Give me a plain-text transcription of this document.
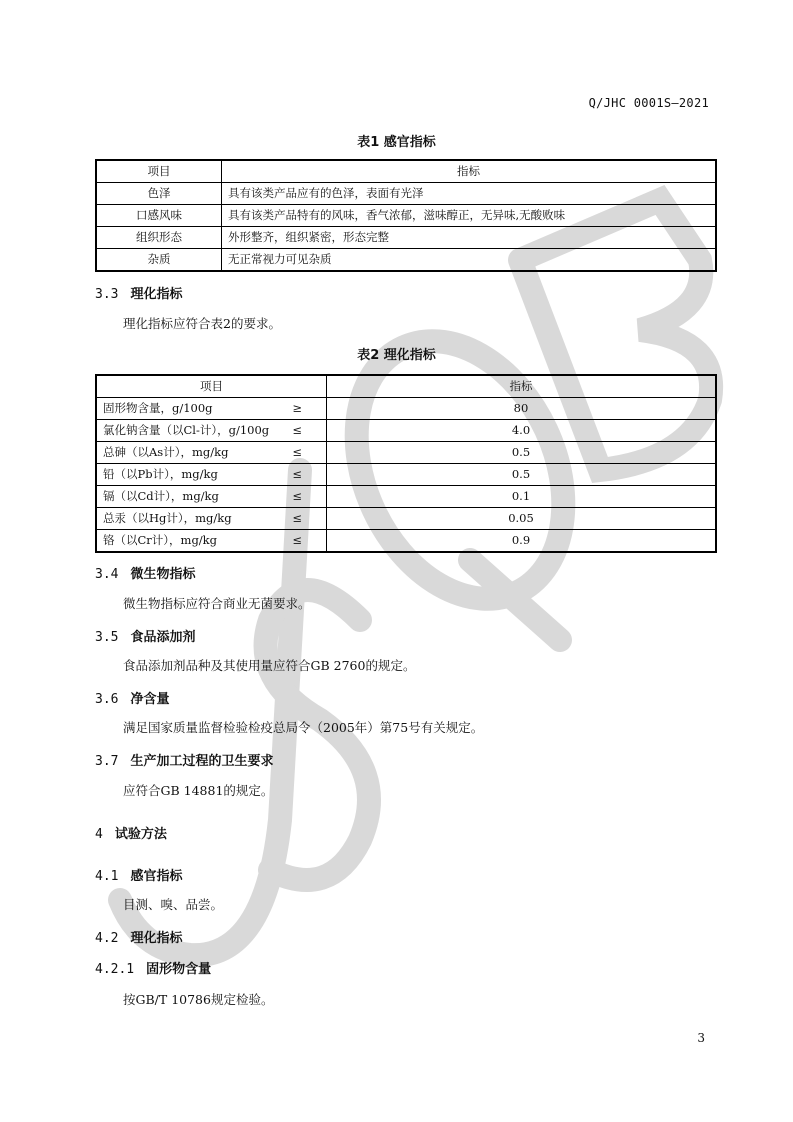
Q/JHC 0001S—2021
表1 感官指标
项目	指标
色泽	具有该类产品应有的色泽，表面有光泽
口感风味	具有该类产品特有的风味，香气浓郁，滋味醇正，无异味,无酸败味
组织形态	外形整齐，组织紧密，形态完整
杂质	无正常视力可见杂质
3.3 理化指标
理化指标应符合表2的要求。
表2 理化指标
项目	指标
固形物含量，g/100g ≥	80
氯化钠含量（以Cl-计），g/100g ≤	4.0
总砷（以As计），mg/kg ≤	0.5
铅（以Pb计），mg/kg ≤	0.5
镉（以Cd计），mg/kg ≤	0.1
总汞（以Hg计），mg/kg ≤	0.05
铬（以Cr计），mg/kg ≤	0.9
3.4 微生物指标
微生物指标应符合商业无菌要求。
3.5 食品添加剂
食品添加剂品种及其使用量应符合GB 2760的规定。
3.6 净含量
满足国家质量监督检验检疫总局令（2005年）第75号有关规定。
3.7 生产加工过程的卫生要求
应符合GB 14881的规定。
4 试验方法
4.1 感官指标
目测、嗅、品尝。
4.2 理化指标
4.2.1 固形物含量
按GB/T 10786规定检验。
3
